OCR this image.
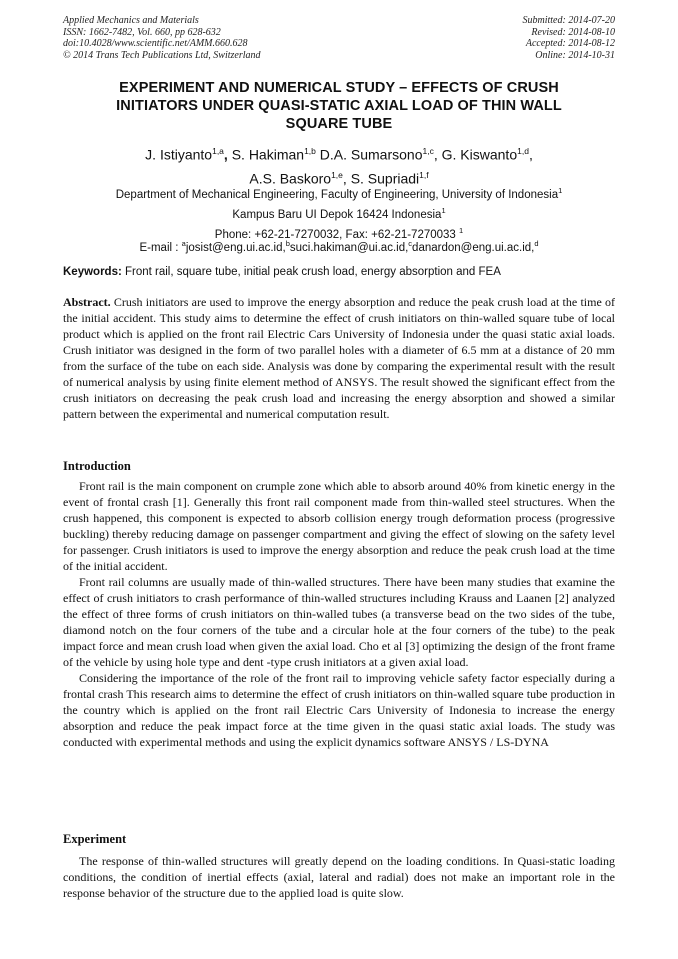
Applied Mechanics and Materials
ISSN: 1662-7482, Vol. 660, pp 628-632
doi:10.4028/www.scientific.net/AMM.660.628
© 2014 Trans Tech Publications Ltd, Switzerland
Submitted: 2014-07-20
Revised: 2014-08-10
Accepted: 2014-08-12
Online: 2014-10-31
EXPERIMENT AND NUMERICAL STUDY – EFFECTS OF CRUSH
INITIATORS UNDER QUASI-STATIC AXIAL LOAD OF THIN WALL
SQUARE TUBE
J. Istiyanto$^{1,a}$, S. Hakiman$^{1,b}$ D.A. Sumarsono$^{1,c}$, G. Kiswanto$^{1,d}$,
A.S. Baskoro$^{1,e}$, S. Supriadi$^{1,f}$
Department of Mechanical Engineering, Faculty of Engineering, University of Indonesia$^1$
Kampus Baru UI Depok 16424 Indonesia$^1$
Phone: +62-21-7270032, Fax: +62-21-7270033 $^1$
E-mail : $^a$josist@eng.ui.ac.id,$^b$suci.hakiman@ui.ac.id,$^c$danardon@eng.ui.ac.id,$^d$
Keywords: Front rail, square tube, initial peak crush load, energy absorption and FEA

Abstract. Crush initiators are used to improve the energy absorption and reduce the peak crush load at the time of the initial accident. This study aims to determine the effect of crush initiators on thin-walled square tube of local product which is applied on the front rail Electric Cars University of Indonesia under the quasi static axial loads. Crush initiator was designed in the form of two parallel holes with a diameter of 6.5 mm at a distance of 20 mm from the surface of the tube on each side. Analysis was done by comparing the experimental result with the result of numerical analysis by using finite element method of ANSYS. The result showed the significant effect from the crush initiators on decreasing the peak crush load and increasing the energy absorption and showed a similar pattern between the experimental and numerical computation result.

Introduction

Front rail is the main component on crumple zone which able to absorb around 40% from kinetic energy in the event of frontal crash [1]. Generally this front rail component made from thin-walled steel structures. When the crush happened, this component is expected to absorb collision energy trough deformation process (progressive buckling) thereby reducing damage on passenger compartment and giving the effect of slowing on the safety level for passenger. Crush initiators is used to improve the energy absorption and reduce the peak crush load at the time of the initial accident.

Front rail columns are usually made of thin-walled structures. There have been many studies that examine the effect of crush initiators to crash performance of thin-walled structures including Krauss and Laanen [2] analyzed the effect of three forms of crush initiators on thin-walled tubes (a transverse bead on the two sides of the tube, diamond notch on the four corners of the tube and a circular hole at the four corners of the tube) to the peak impact force and mean crush load when given the axial load. Cho et al [3] optimizing the design of the front frame of the vehicle by using hole type and dent -type crush initiators at a given axial load.

Considering the importance of the role of the front rail to improving vehicle safety factor especially during a frontal crash This research aims to determine the effect of crush initiators on thin-walled square tube production in the country which is applied on the front rail Electric Cars University of Indonesia to increase the energy absorption and reduce the peak impact force at the time given in the quasi static axial loads. The study was conducted with experimental methods and using the explicit dynamics software ANSYS / LS-DYNA

Experiment

The response of thin-walled structures will greatly depend on the loading conditions. In Quasi-static loading conditions, the condition of inertial effects (axial, lateral and radial) does not make an important role in the response behavior of the structure due to the applied load is quite slow.
